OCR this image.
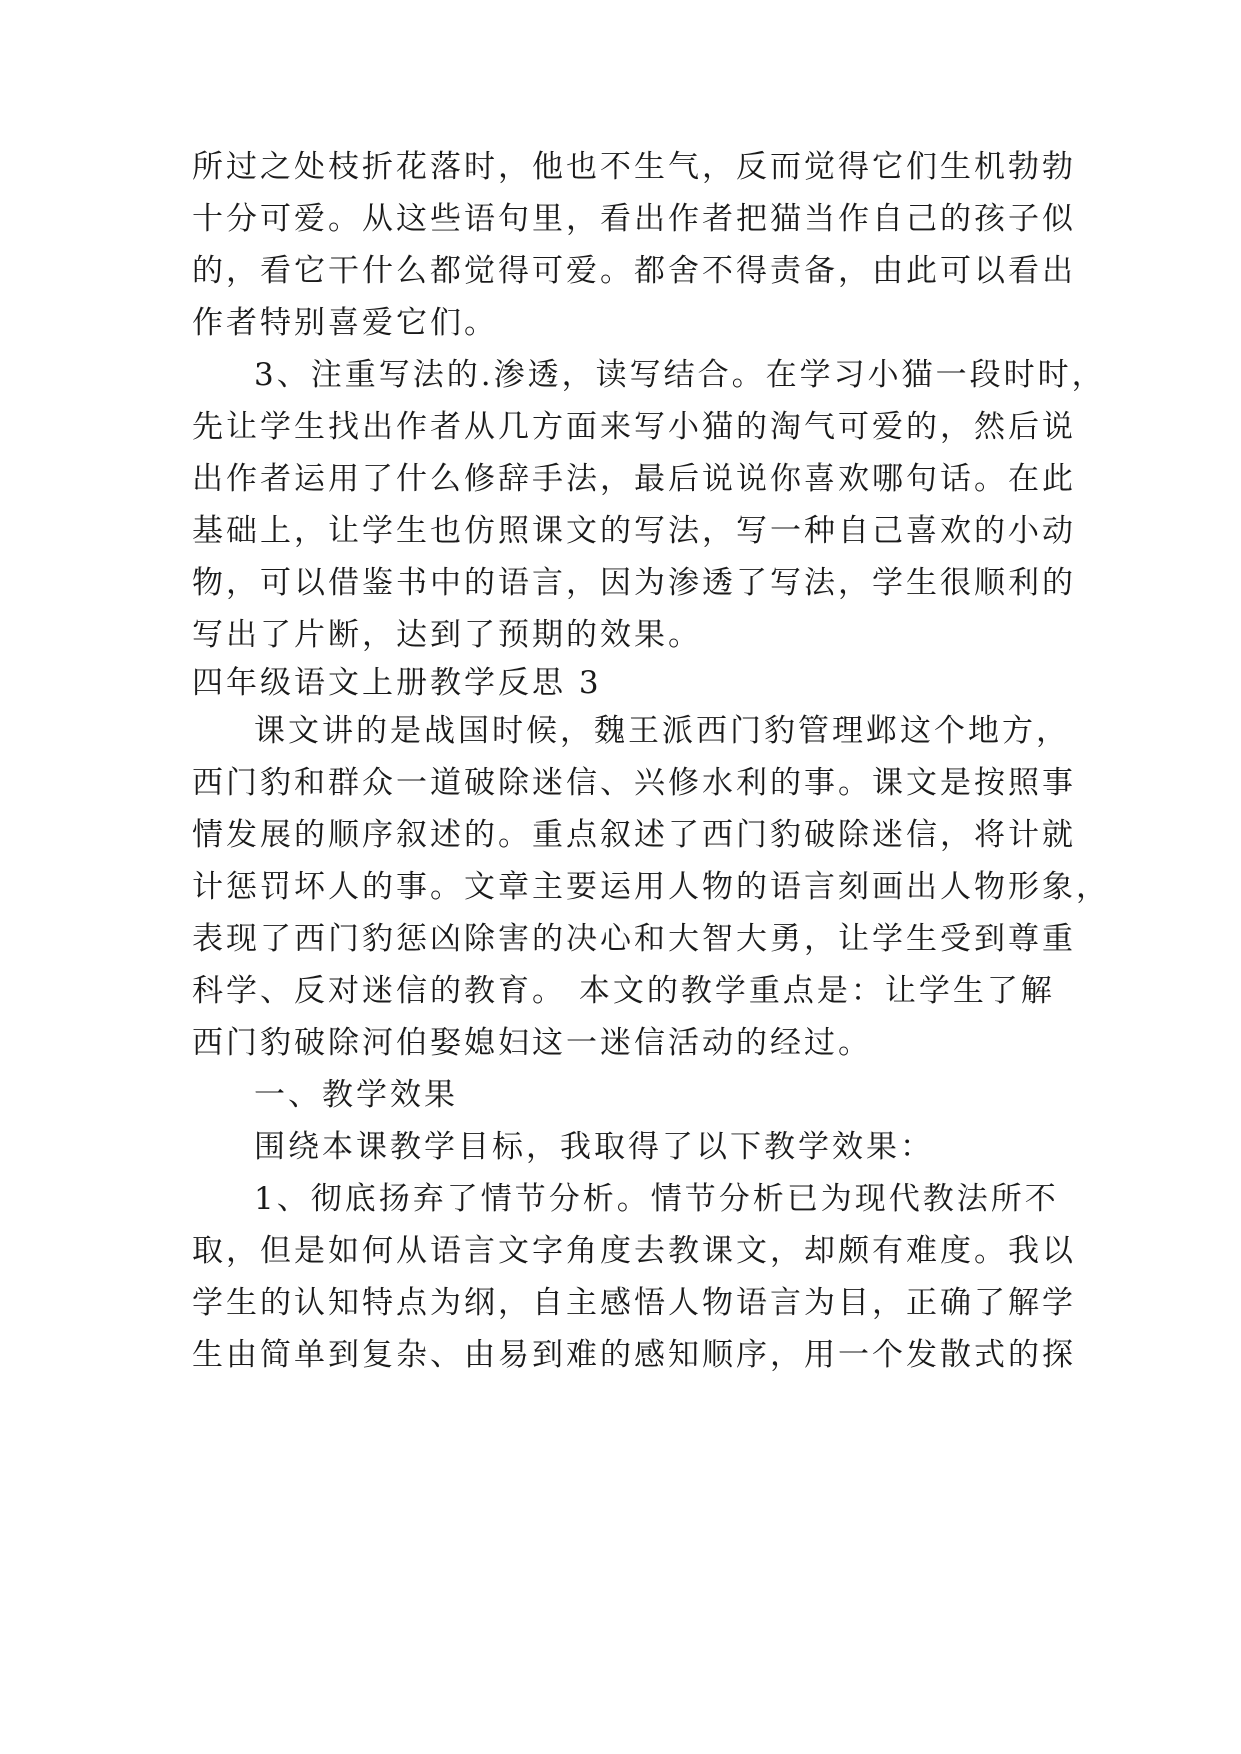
所过之处枝折花落时，他也不生气，反而觉得它们生机勃勃
十分可爱。从这些语句里，看出作者把猫当作自己的孩子似
的，看它干什么都觉得可爱。都舍不得责备，由此可以看出
作者特别喜爱它们。
3、注重写法的.渗透，读写结合。在学习小猫一段时时，
先让学生找出作者从几方面来写小猫的淘气可爱的，然后说
出作者运用了什么修辞手法，最后说说你喜欢哪句话。在此
基础上，让学生也仿照课文的写法，写一种自己喜欢的小动
物，可以借鉴书中的语言，因为渗透了写法，学生很顺利的
写出了片断，达到了预期的效果。
四年级语文上册教学反思 3
课文讲的是战国时候，魏王派西门豹管理邺这个地方，
西门豹和群众一道破除迷信、兴修水利的事。课文是按照事
情发展的顺序叙述的。重点叙述了西门豹破除迷信，将计就
计惩罚坏人的事。文章主要运用人物的语言刻画出人物形象，
表现了西门豹惩凶除害的决心和大智大勇，让学生受到尊重
科学、反对迷信的教育。 本文的教学重点是：让学生了解
西门豹破除河伯娶媳妇这一迷信活动的经过。
一、教学效果
围绕本课教学目标，我取得了以下教学效果：
1、彻底扬弃了情节分析。情节分析已为现代教法所不
取，但是如何从语言文字角度去教课文，却颇有难度。我以
学生的认知特点为纲，自主感悟人物语言为目，正确了解学
生由简单到复杂、由易到难的感知顺序，用一个发散式的探
